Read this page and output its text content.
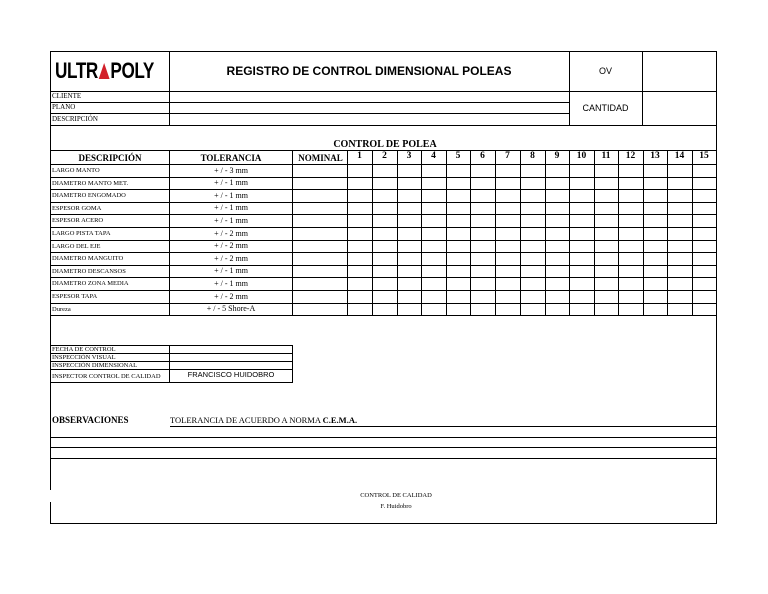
ULTR POLY	REGISTRO DE CONTROL DIMENSIONAL POLEAS	OV
CANTIDAD
CLIENTE
PLANO
DESCRIPCIÓN
CONTROL DE POLEA
DESCRIPCIÓN	TOLERANCIA	NOMINAL	1	2	3	4	5	6	7	8	9	10	11	12	13	14	15
LARGO MANTO	+ / - 3 mm
DIAMETRO MANTO MET.	+ / - 1 mm
DIAMETRO ENGOMADO	+ / - 1 mm
ESPESOR GOMA	+ / - 1 mm
ESPESOR ACERO	+ / - 1 mm
LARGO PISTA TAPA	+ / - 2 mm
LARGO DEL EJE	+ / - 2 mm
DIAMETRO MANGUITO	+ / - 2 mm
DIAMETRO DESCANSOS	+ / - 1 mm
DIAMETRO ZONA MEDIA	+ / - 1 mm
ESPESOR TAPA	+ / - 2 mm
Dureza	+ / - 5 Shore-A
FECHA DE CONTROL
INSPECCIÓN VISUAL
INSPECCIÓN DIMENSIONAL
INSPECTOR CONTROL DE CALIDAD	FRANCISCO HUIDOBRO
OBSERVACIONES	TOLERANCIA DE ACUERDO A NORMA C.E.M.A.
CONTROL DE CALIDAD
F. Huidobro
